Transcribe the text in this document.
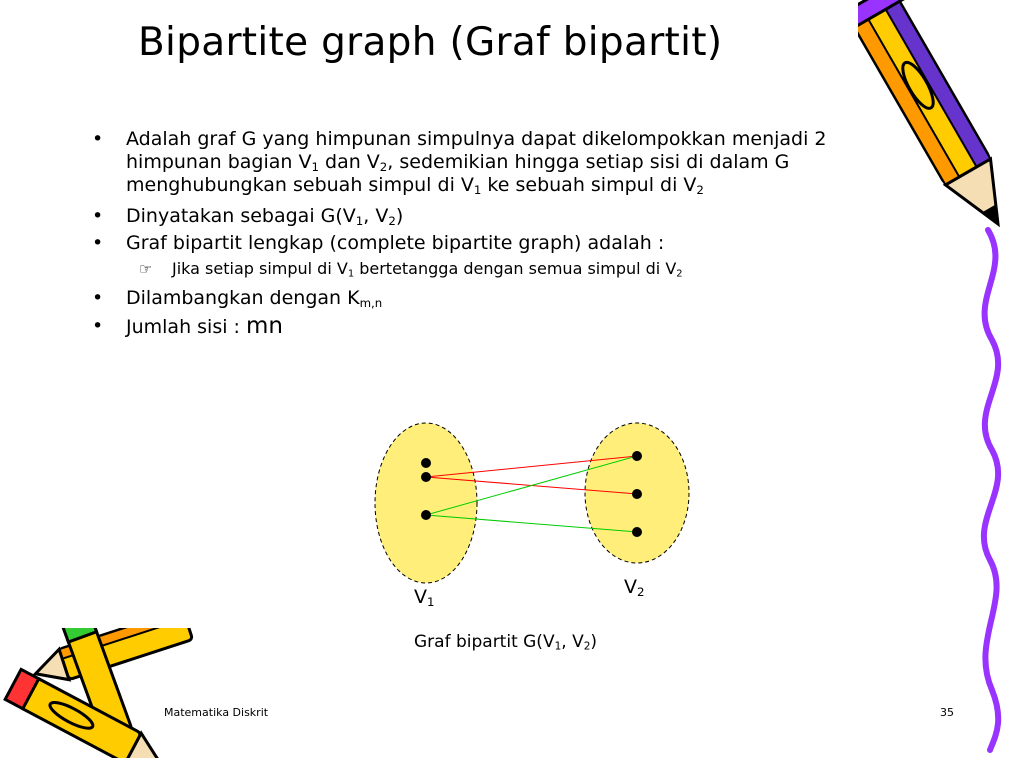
Bipartite graph (Graf bipartit)
•	Adalah graf G yang himpunan simpulnya dapat dikelompokkan menjadi 2 himpunan bagian $V_1$ dan $V_2$, sedemikian hingga setiap sisi di dalam G menghubungkan sebuah simpul di $V_1$ ke sebuah simpul di $V_2$
•	Dinyatakan sebagai $G(V_1$, $V_2$)
•	Graf bipartit lengkap (complete bipartite graph) adalah :
☞ Jika setiap simpul di $V_1$ bertetangga dengan semua simpul di $V_2$
•	Dilambangkan dengan $K_{m,n}$
•	Jumlah sisi : mn
$V_1$
$V_2$
Graf bipartit $G(V_1$, $V_2$)
Matematika Diskrit	35
